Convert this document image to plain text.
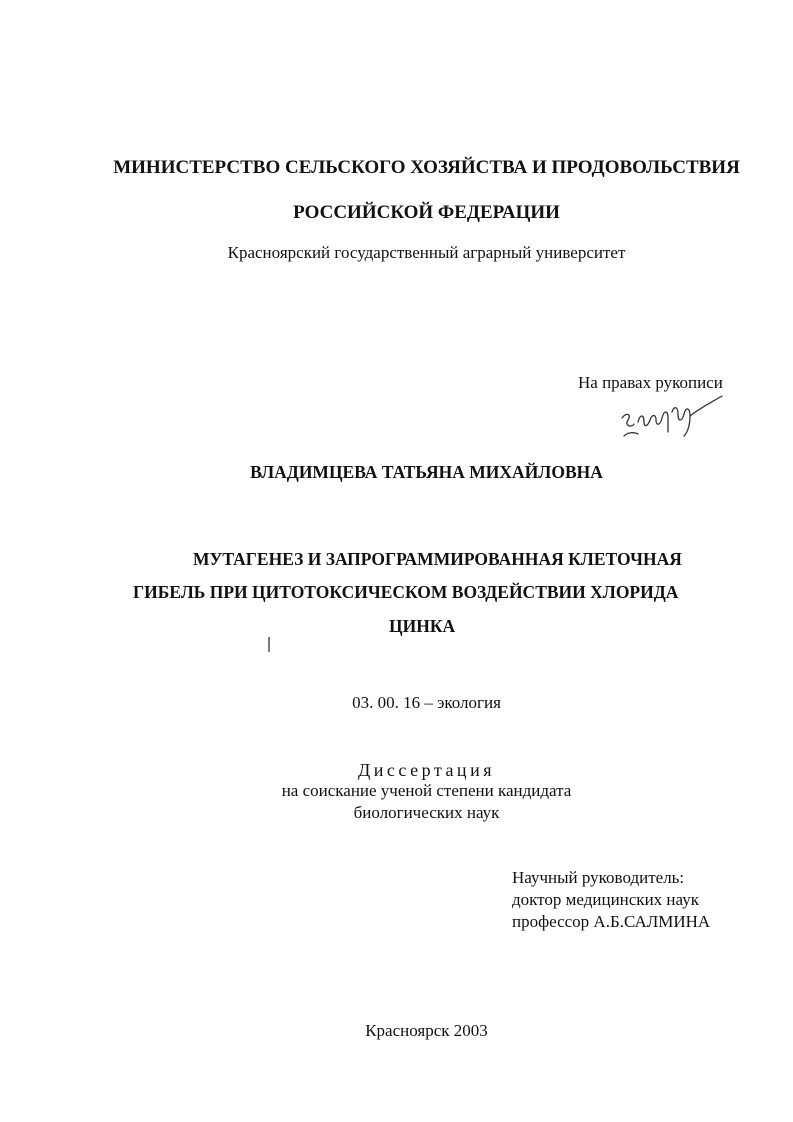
МИНИСТЕРСТВО СЕЛЬСКОГО ХОЗЯЙСТВА И ПРОДОВОЛЬСТВИЯ
РОССИЙСКОЙ ФЕДЕРАЦИИ
Красноярский государственный аграрный университет
На правах рукописи
ВЛАДИМЦЕВА ТАТЬЯНА МИХАЙЛОВНА
МУТАГЕНЕЗ И ЗАПРОГРАММИРОВАННАЯ КЛЕТОЧНАЯ
ГИБЕЛЬ ПРИ ЦИТОТОКСИЧЕСКОМ ВОЗДЕЙСТВИИ ХЛОРИДА
ЦИНКА
03. 00. 16 – экология
Диссертация
на соискание ученой степени кандидата
биологических наук
Научный руководитель:
доктор медицинских наук
профессор А.Б.САЛМИНА
Красноярск 2003
